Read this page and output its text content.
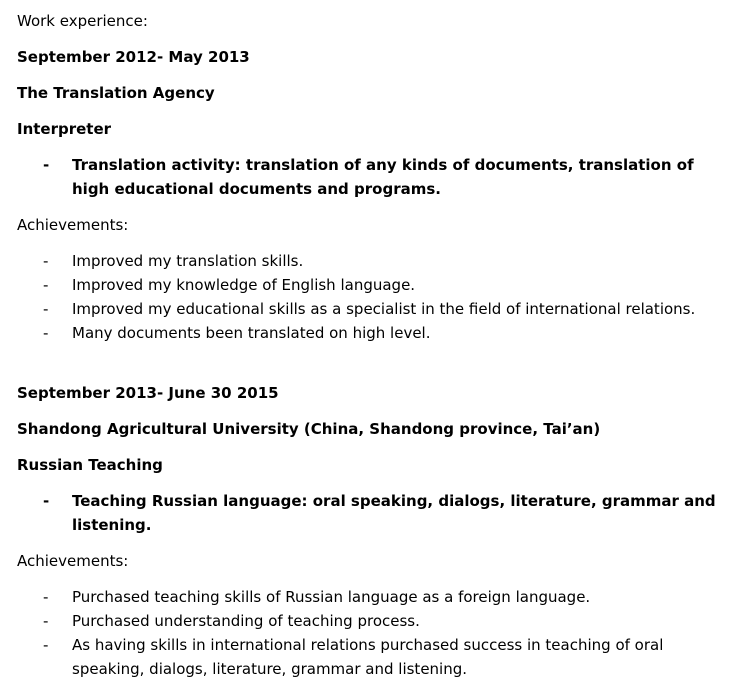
Work experience:
September 2012- May 2013
The Translation Agency
Interpreter
- Translation activity: translation of any kinds of documents, translation of high educational documents and programs.
Achievements:
- Improved my translation skills.
- Improved my knowledge of English language.
- Improved my educational skills as a specialist in the field of international relations.
- Many documents been translated on high level.
September 2013- June 30 2015
Shandong Agricultural University (China, Shandong province, Tai’an)
Russian Teaching
- Teaching Russian language: oral speaking, dialogs, literature, grammar and listening.
Achievements:
- Purchased teaching skills of Russian language as a foreign language.
- Purchased understanding of teaching process.
- As having skills in international relations purchased success in teaching of oral speaking, dialogs, literature, grammar and listening.
